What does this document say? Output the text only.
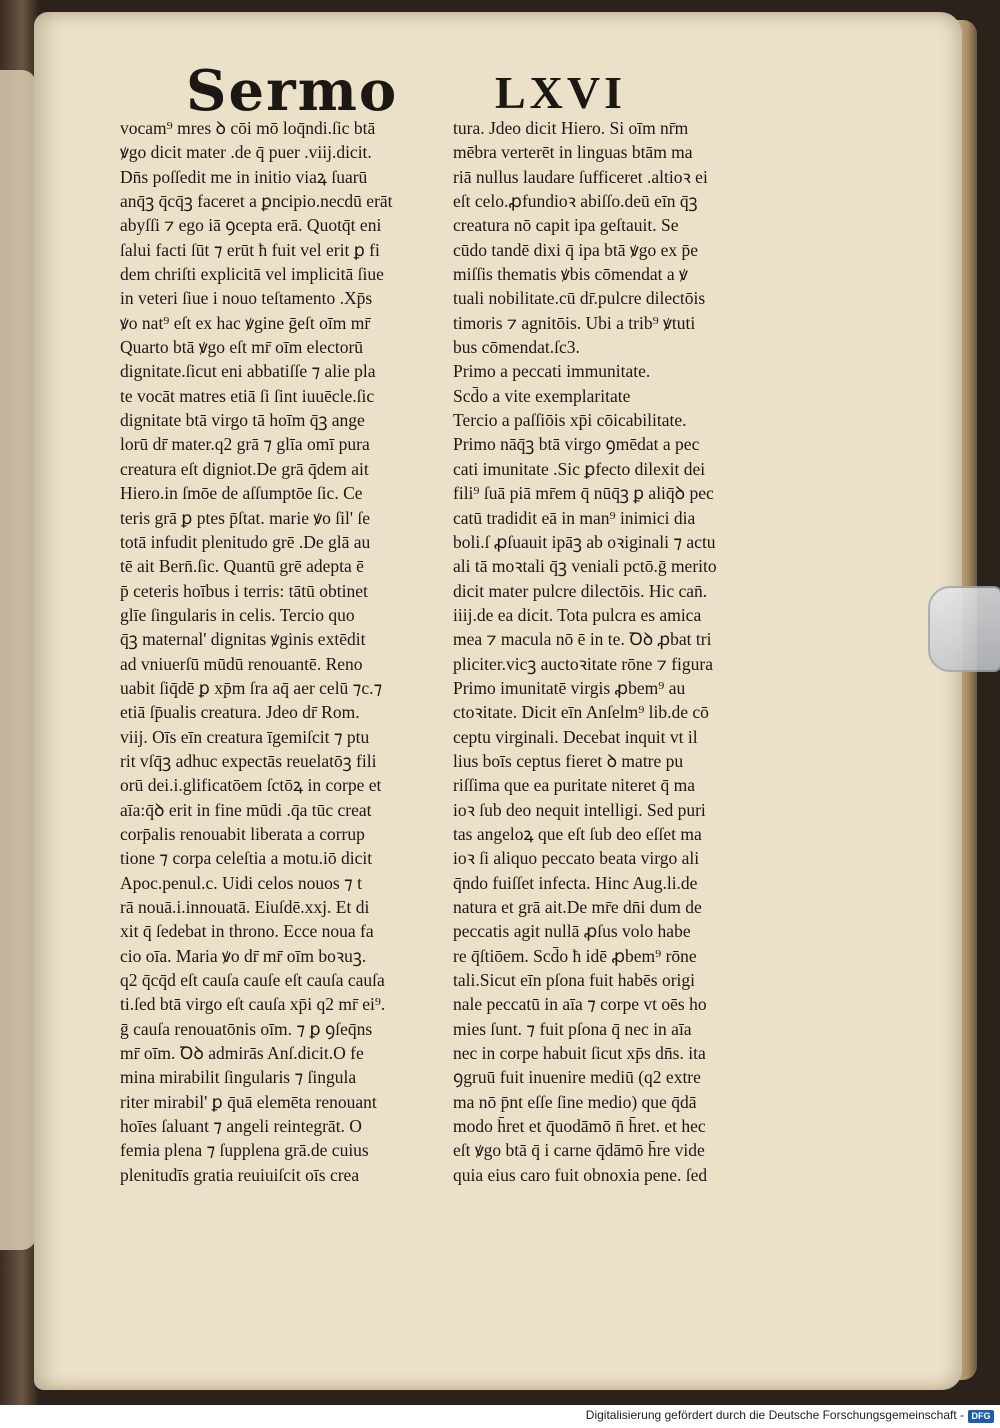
Sermo LXVI
vocam⁹ mres ꝺ cōi mō loq̄ndi.ſic btā
ꝟgo dicit mater .de q̄ puer .viij.dicit.
Dn̄s poſſedit me in initio viaꝝ ſuarū
anq̄ꝫ q̄cq̄ꝫ faceret a ꝑncipio.necdū erāt
abyſſi ⁊ ego iā ꝯcepta erā. Quotq̄t eni
ſalui facti ſūt ⁊ erūt ħ fuit vel erit ꝑ fi
dem chriſti explicitā vel implicitā ſiue
in veteri ſiue i nouo teſtamento .Xp̄s
ꝟo nat⁹ eſt ex hac ꝟgine ḡeſt oīm mr̄
Quarto btā ꝟgo eſt mr̄ oīm electorū
dignitate.ſicut eni abbatiſſe ⁊ alie pla
te vocāt matres etiā ſi ſint iuuēcle.ſic
dignitate btā virgo tā hoīm q̄ꝫ ange
lorū dr̄ mater.q2 grā ⁊ glīa omī pura
creatura eſt digniot.De grā q̄dem ait
Hiero.in ſmōe de aſſumptōe ſic. Ce
teris grā ꝑ ptes p̄ſtat. marie ꝟo ſil' ſe
totā infudit plenitudo grē .De glā au
tē ait Bern̄.ſic. Quantū grē adepta ē
p̄ ceteris hoībus i terris: tātū obtinet
glīe ſingularis in celis. Tercio quo
q̄ꝫ maternal' dignitas ꝟginis extēdit
ad vniuerſū mūdū renouantē. Reno
uabit ſiq̄dē ꝑ xp̄m ſra aq̄ aer celū ⁊c.⁊
etiā ſp̄ualis creatura. Jdeo dr̄ Rom.
viij. Oīs eīn creatura īgemiſcit ⁊ ptu
rit vſq̄ꝫ adhuc expectās reuelatōꝫ fili
orū dei.i.glificatōem ſctōꝝ in corpe et
aīa:q̄ꝺ erit in fine mūdi .q̄a tūc creat
corp̄alis renouabit liberata a corrup
tione ⁊ corpa celeſtia a motu.iō dicit
Apoc.penul.c. Uidi celos nouos ⁊ t
rā nouā.i.innouatā. Eiuſdē.xxj. Et di
xit q̄ ſedebat in throno. Ecce noua fa
cio oīa. Maria ꝟo dr̄ mr̄ oīm boꝛuꝫ.
q2 q̄cq̄d eſt cauſa cauſe eſt cauſa cauſa
ti.ſed btā virgo eſt cauſa xp̄i q2 mr̄ ei⁹.
ḡ cauſa renouatōnis oīm. ⁊ ꝑ ꝯſeq̄ns
mr̄ oīm. Ꝺꝺ admirās Anſ.dicit.O fe
mina mirabilit ſingularis ⁊ ſingula
riter mirabil' ꝑ q̄uā elemēta renouant
hoīes ſaluant ⁊ angeli reintegrāt. O
femia plena ⁊ ſupplena grā.de cuius
plenitudīs gratia reuiuiſcit oīs crea
tura. Jdeo dicit Hiero. Si oīm nr̄m
mēbra verterēt in linguas btām ma
riā nullus laudare ſufficeret .altioꝛ ei
eſt celo.ꝓfundioꝛ abiſſo.deū eīn q̄ꝫ
creatura nō capit ipa geſtauit. Se
cūdo tandē dixi q̄ ipa btā ꝟgo ex p̄e
miſſis thematis ꝟbis cōmendat a ꝟ
tuali nobilitate.cū dr̄.pulcre dilectōis
timoris ⁊ agnitōis. Ubi a trib⁹ ꝟtuti
bus cōmendat.ſc3.
Primo a peccati immunitate.
Scd̄o a vite exemplaritate
Tercio a paſſiōis xp̄i cōicabilitate.
Primo nāq̄ꝫ btā virgo ꝯmēdat a pec
cati imunitate .Sic ꝑfecto dilexit dei
fili⁹ ſuā piā mr̄em q̄ nūq̄ꝫ ꝑ aliq̄ꝺ pec
catū tradidit eā in man⁹ inimici dia
boli.ſ ꝓſuauit ipāꝫ ab oꝛiginali ⁊ actu
ali tā moꝛtali q̄ꝫ veniali pctō.ḡ merito
dicit mater pulcre dilectōis. Hic can̄.
iiij.de ea dicit. Tota pulcra es amica
mea ⁊ macula nō ē in te. Ꝺꝺ ꝓbat tri
pliciter.vicꝫ auctoꝛitate rōne ⁊ figura
Primo imunitatē virgis ꝓbem⁹ au
ctoꝛitate. Dicit eīn Anſelm⁹ lib.de cō
ceptu virginali. Decebat inquit vt il
lius boīs ceptus fieret ꝺ matre pu
riſſima que ea puritate niteret q̄ ma
ioꝛ ſub deo nequit intelligi. Sed puri
tas angeloꝝ que eſt ſub deo eſſet ma
ioꝛ ſi aliquo peccato beata virgo ali
q̄ndo fuiſſet infecta. Hinc Aug.li.de
natura et grā ait.De mr̄e dn̄i dum de
peccatis agit nullā ꝓſus volo habe
re q̄ſtiōem. Scd̄o ħ idē ꝓbem⁹ rōne
tali.Sicut eīn pſona fuit habēs origi
nale peccatū in aīa ⁊ corpe vt oēs ho
mies ſunt. ⁊ fuit pſona q̄ nec in aīa
nec in corpe habuit ſicut xp̄s dn̄s. ita
ꝯgruū fuit inuenire mediū (q2 extre
ma nō p̄nt eſſe ſine medio) que q̄dā
modo h̄ret et q̄uodāmō n̄ h̄ret. et hec
eſt ꝟgo btā q̄ i carne q̄dāmō h̄re vide
quia eius caro fuit obnoxia pene. ſed
Digitalisierung gefördert durch die Deutsche Forschungsgemeinschaft - DFG
